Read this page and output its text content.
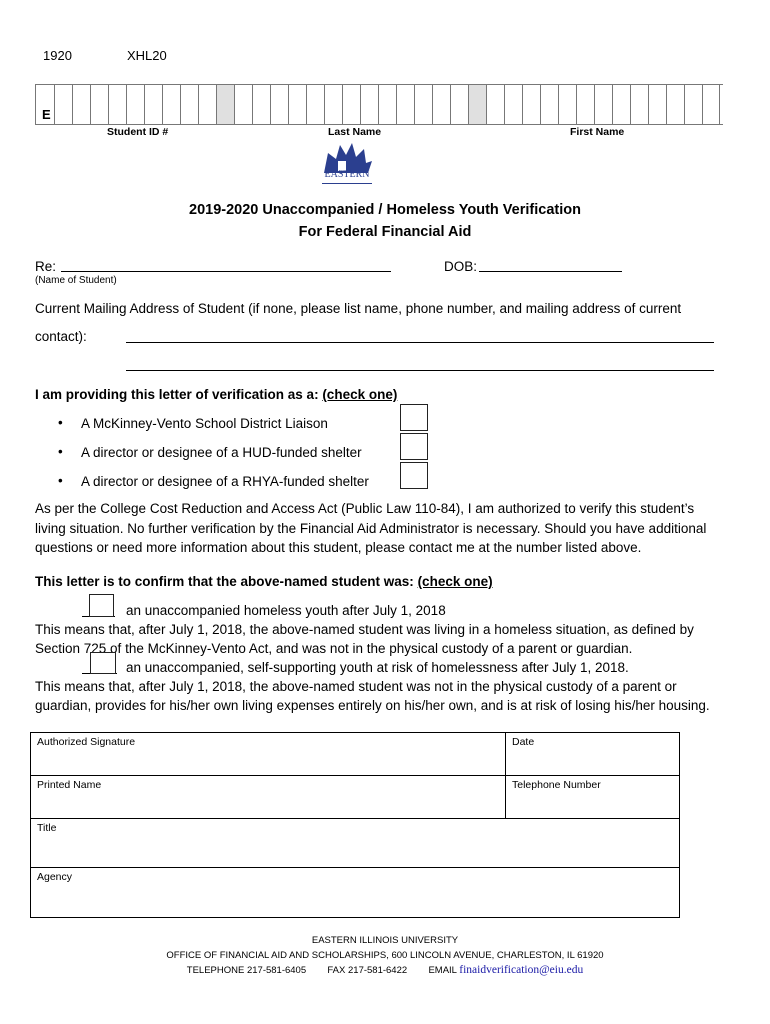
1920	XHL20
E
Student ID #	Last Name	First Name
EASTERN
2019-2020 Unaccompanied / Homeless Youth Verification
For Federal Financial Aid
Re:
(Name of Student)
DOB:
Current Mailing Address of Student (if none, please list name, phone number, and mailing address of current
contact):
I am providing this letter of verification as a: (check one)
• A McKinney-Vento School District Liaison
• A director or designee of a HUD-funded shelter
• A director or designee of a RHYA-funded shelter
As per the College Cost Reduction and Access Act (Public Law 110-84), I am authorized to verify this student’s
living situation. No further verification by the Financial Aid Administrator is necessary. Should you have additional
questions or need more information about this student, please contact me at the number listed above.
This letter is to confirm that the above-named student was: (check one)
an unaccompanied homeless youth after July 1, 2018
This means that, after July 1, 2018, the above-named student was living in a homeless situation, as defined by
Section 725 of the McKinney-Vento Act, and was not in the physical custody of a parent or guardian.
an unaccompanied, self-supporting youth at risk of homelessness after July 1, 2018.
This means that, after July 1, 2018, the above-named student was not in the physical custody of a parent or
guardian, provides for his/her own living expenses entirely on his/her own, and is at risk of losing his/her housing.
Authorized Signature	Date
Printed Name	Telephone Number
Title
Agency
EASTERN ILLINOIS UNIVERSITY
OFFICE OF FINANCIAL AID AND SCHOLARSHIPS, 600 LINCOLN AVENUE, CHARLESTON, IL 61920
TELEPHONE 217-581-6405 FAX 217-581-6422 EMAIL finaidverification@eiu.edu
